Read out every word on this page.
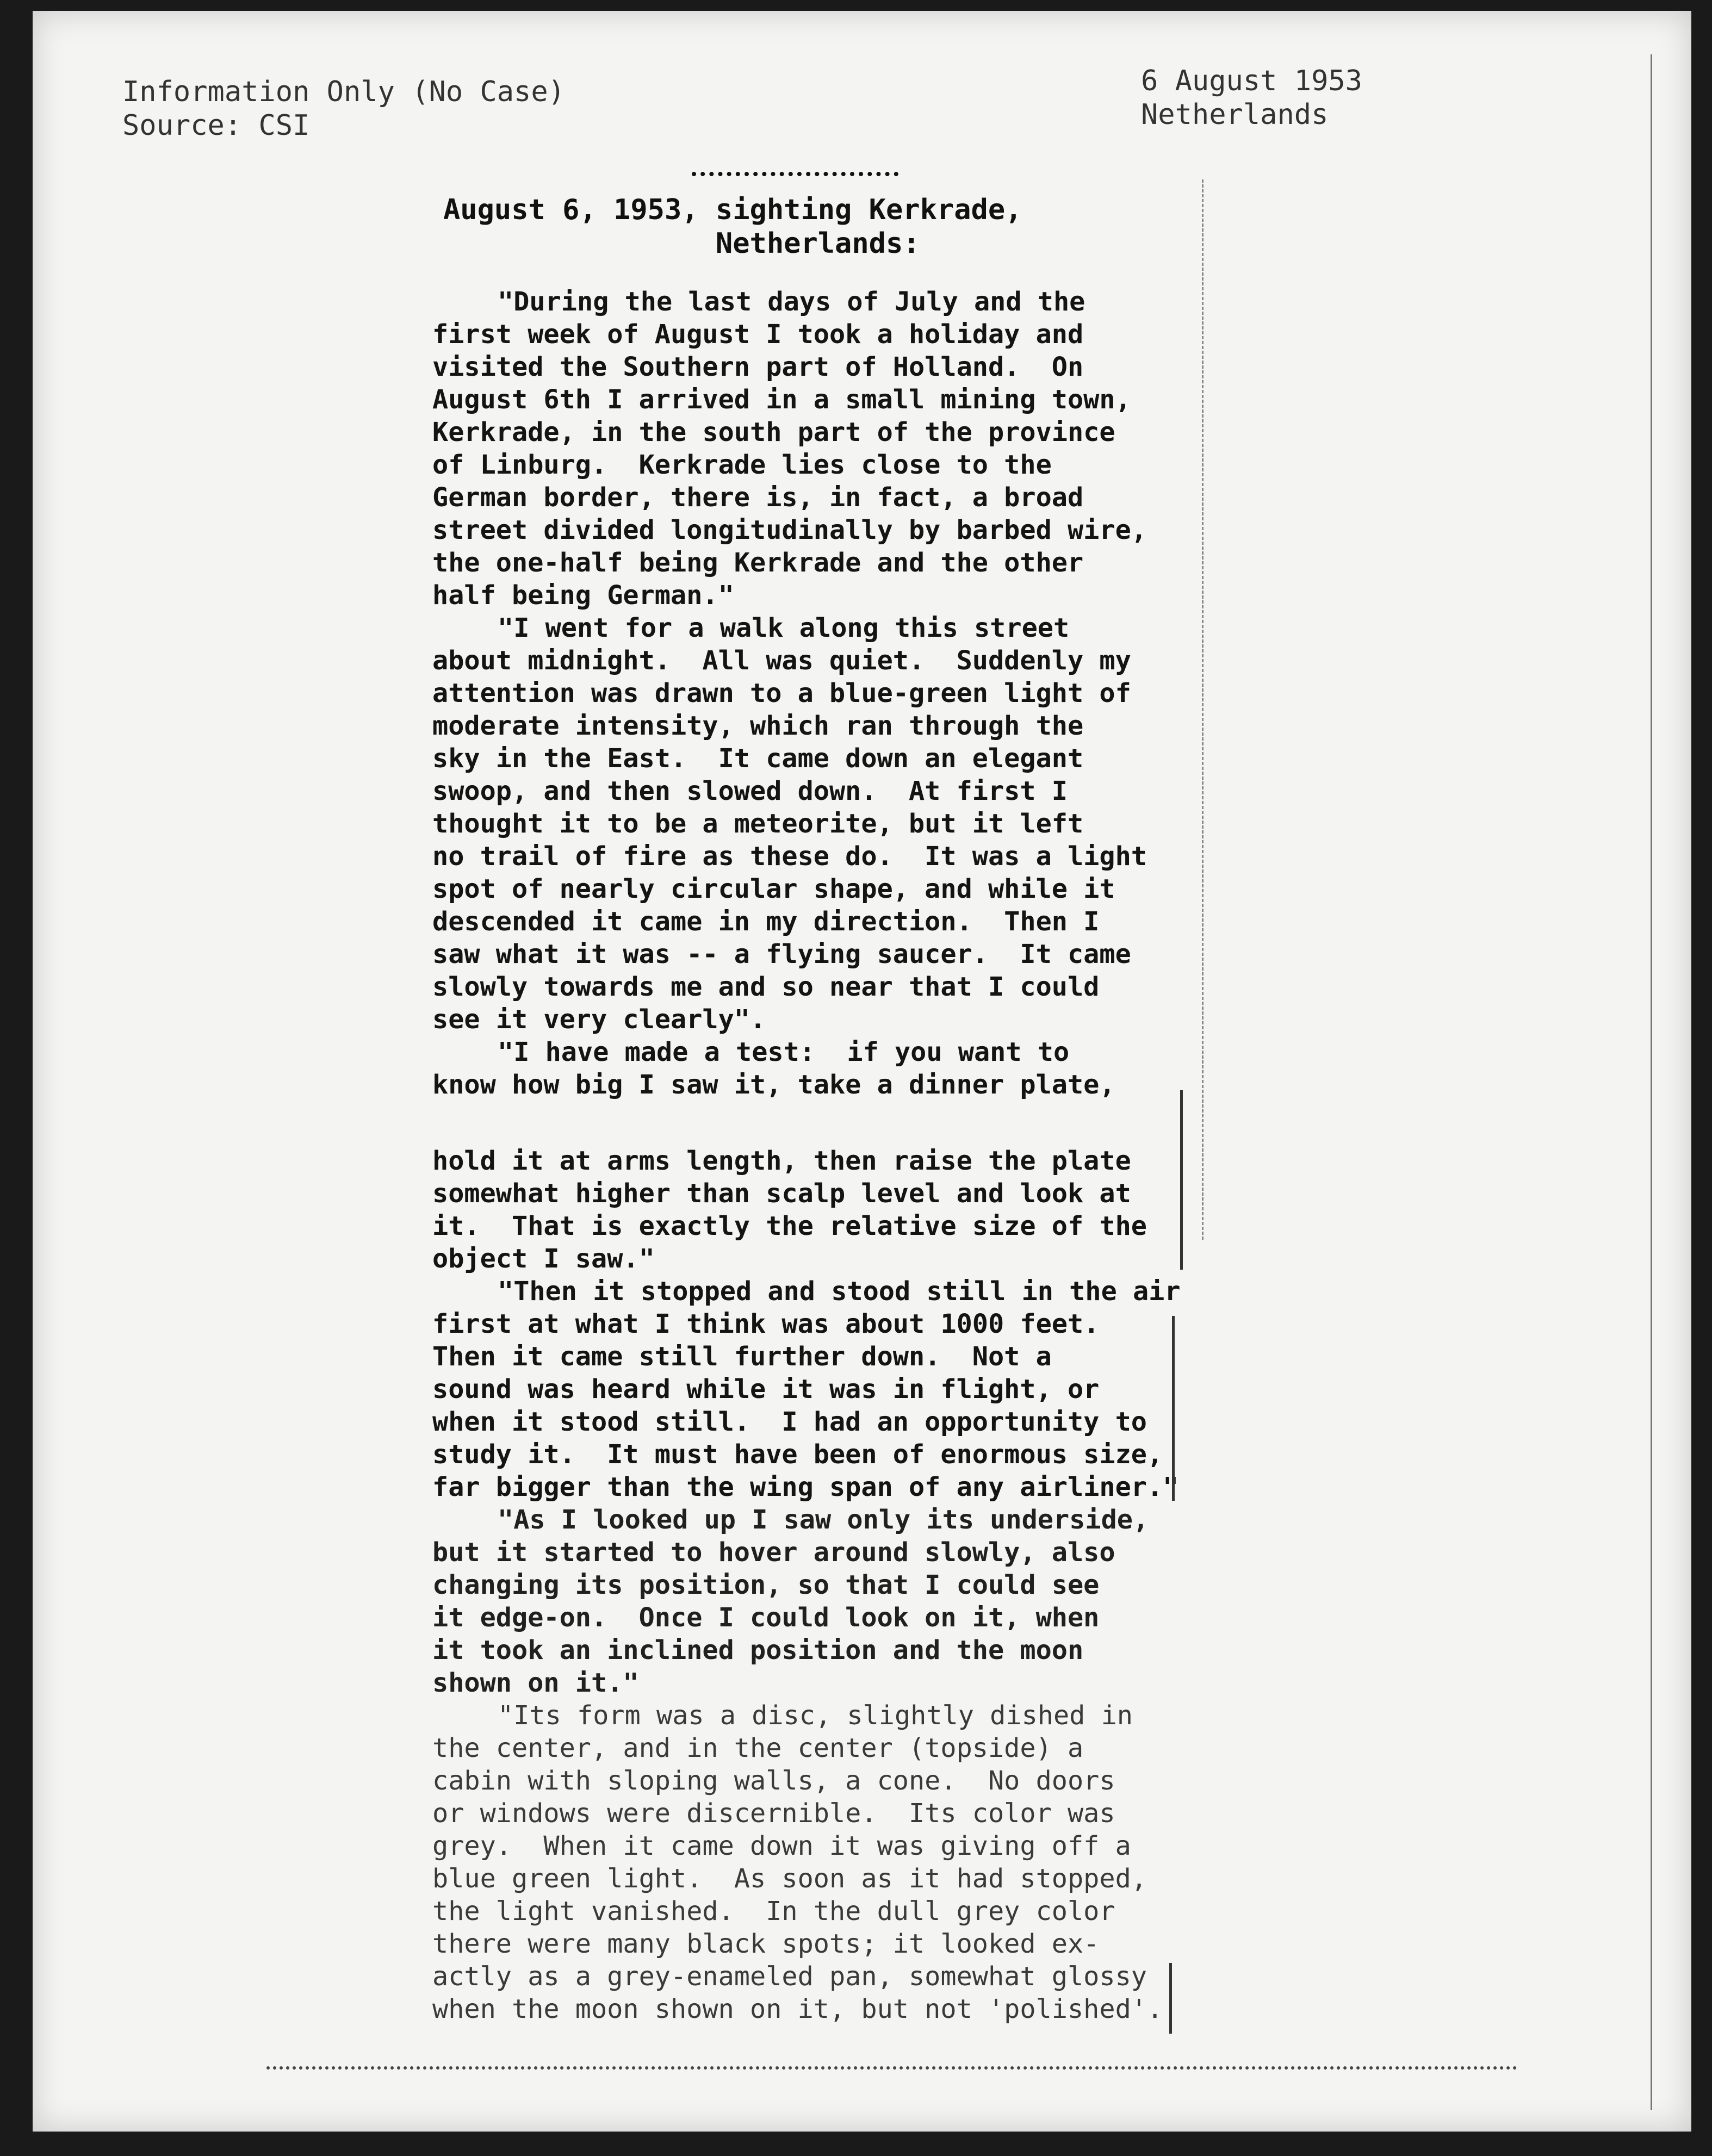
Information Only (No Case)
Source: CSI
6 August 1953
Netherlands
August 6, 1953, sighting Kerkrade,
Netherlands:

"During the last days of July and the

first week of August I took a holiday and

visited the Southern part of Holland.  On

August 6th I arrived in a small mining town,

Kerkrade, in the south part of the province

of Linburg.  Kerkrade lies close to the

German border, there is, in fact, a broad

street divided longitudinally by barbed wire,

the one-half being Kerkrade and the other

half being German."

"I went for a walk along this street

about midnight.  All was quiet.  Suddenly my

attention was drawn to a blue-green light of

moderate intensity, which ran through the

sky in the East.  It came down an elegant

swoop, and then slowed down.  At first I

thought it to be a meteorite, but it left

no trail of fire as these do.  It was a light

spot of nearly circular shape, and while it

descended it came in my direction.  Then I

saw what it was -- a flying saucer.  It came

slowly towards me and so near that I could

see it very clearly".

"I have made a test:  if you want to

know how big I saw it, take a dinner plate,

hold it at arms length, then raise the plate

somewhat higher than scalp level and look at

it.  That is exactly the relative size of the

object I saw."

"Then it stopped and stood still in the air

first at what I think was about 1000 feet.

Then it came still further down.  Not a

sound was heard while it was in flight, or

when it stood still.  I had an opportunity to

study it.  It must have been of enormous size,

far bigger than the wing span of any airliner."

"As I looked up I saw only its underside,

but it started to hover around slowly, also

changing its position, so that I could see

it edge-on.  Once I could look on it, when

it took an inclined position and the moon

shown on it."

"Its form was a disc, slightly dished in

the center, and in the center (topside) a

cabin with sloping walls, a cone.  No doors

or windows were discernible.  Its color was

grey.  When it came down it was giving off a

blue green light.  As soon as it had stopped,

the light vanished.  In the dull grey color

there were many black spots; it looked ex-

actly as a grey-enameled pan, somewhat glossy

when the moon shown on it, but not 'polished'.
